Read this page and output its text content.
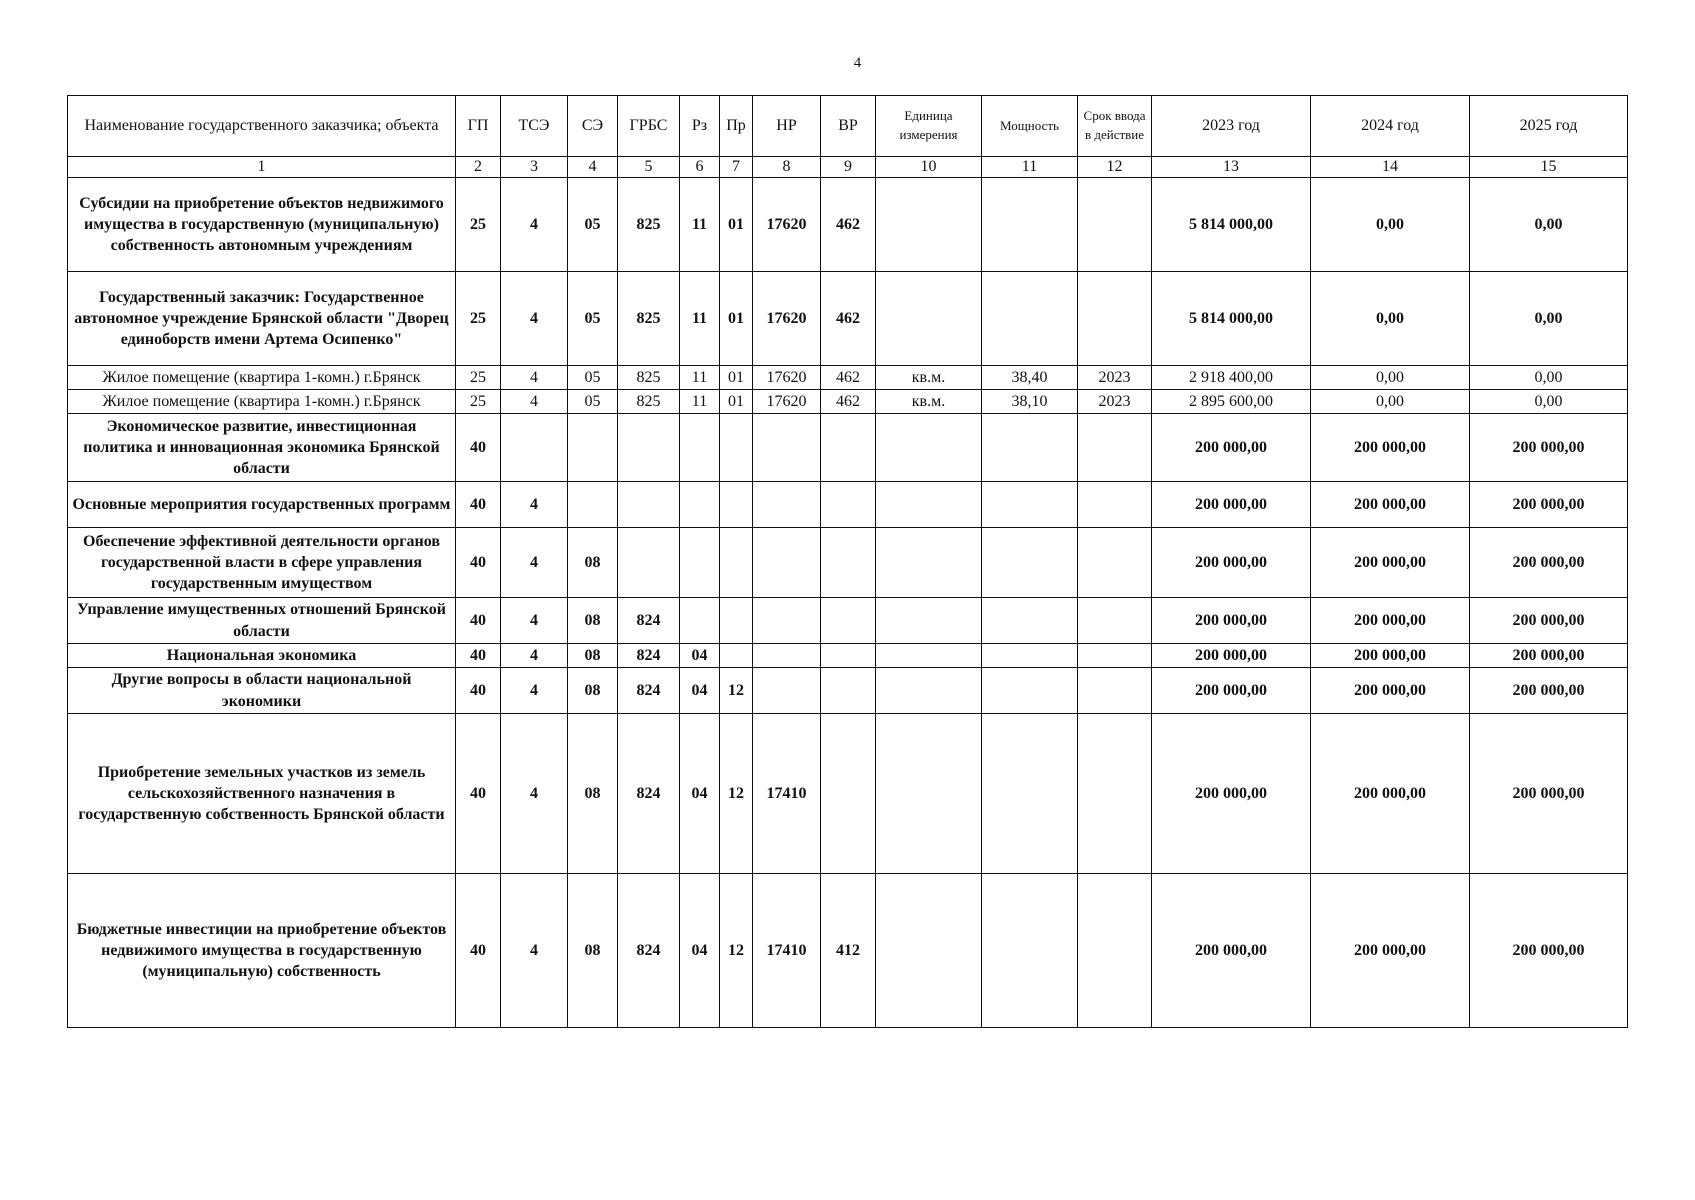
4
Наименование государственного заказчика; объекта	ГП	ТСЭ	СЭ	ГРБС	Рз	Пр	НР	ВР	Единица измерения	Мощность	Срок ввода в действие	2023 год	2024 год	2025 год
1	2	3	4	5	6	7	8	9	10	11	12	13	14	15
Субсидии на приобретение объектов недвижимого имущества в государственную (муниципальную) собственность автономным учреждениям	25	4	05	825	11	01	17620	462				5 814 000,00	0,00	0,00
Государственный заказчик: Государственное автономное учреждение Брянской области "Дворец единоборств имени Артема Осипенко"	25	4	05	825	11	01	17620	462				5 814 000,00	0,00	0,00
Жилое помещение (квартира 1-комн.) г.Брянск	25	4	05	825	11	01	17620	462	кв.м.	38,40	2023	2 918 400,00	0,00	0,00
Жилое помещение (квартира 1-комн.) г.Брянск	25	4	05	825	11	01	17620	462	кв.м.	38,10	2023	2 895 600,00	0,00	0,00
Экономическое развитие, инвестиционная политика и инновационная экономика Брянской области	40											200 000,00	200 000,00	200 000,00
Основные мероприятия государственных программ	40	4										200 000,00	200 000,00	200 000,00
Обеспечение эффективной деятельности органов государственной власти в сфере управления государственным имуществом	40	4	08									200 000,00	200 000,00	200 000,00
Управление имущественных отношений Брянской области	40	4	08	824								200 000,00	200 000,00	200 000,00
Национальная экономика	40	4	08	824	04							200 000,00	200 000,00	200 000,00
Другие вопросы в области национальной экономики	40	4	08	824	04	12						200 000,00	200 000,00	200 000,00
Приобретение земельных участков из земель сельскохозяйственного назначения в государственную собственность Брянской области	40	4	08	824	04	12	17410					200 000,00	200 000,00	200 000,00
Бюджетные инвестиции на приобретение объектов недвижимого имущества в государственную (муниципальную) собственность	40	4	08	824	04	12	17410	412				200 000,00	200 000,00	200 000,00
